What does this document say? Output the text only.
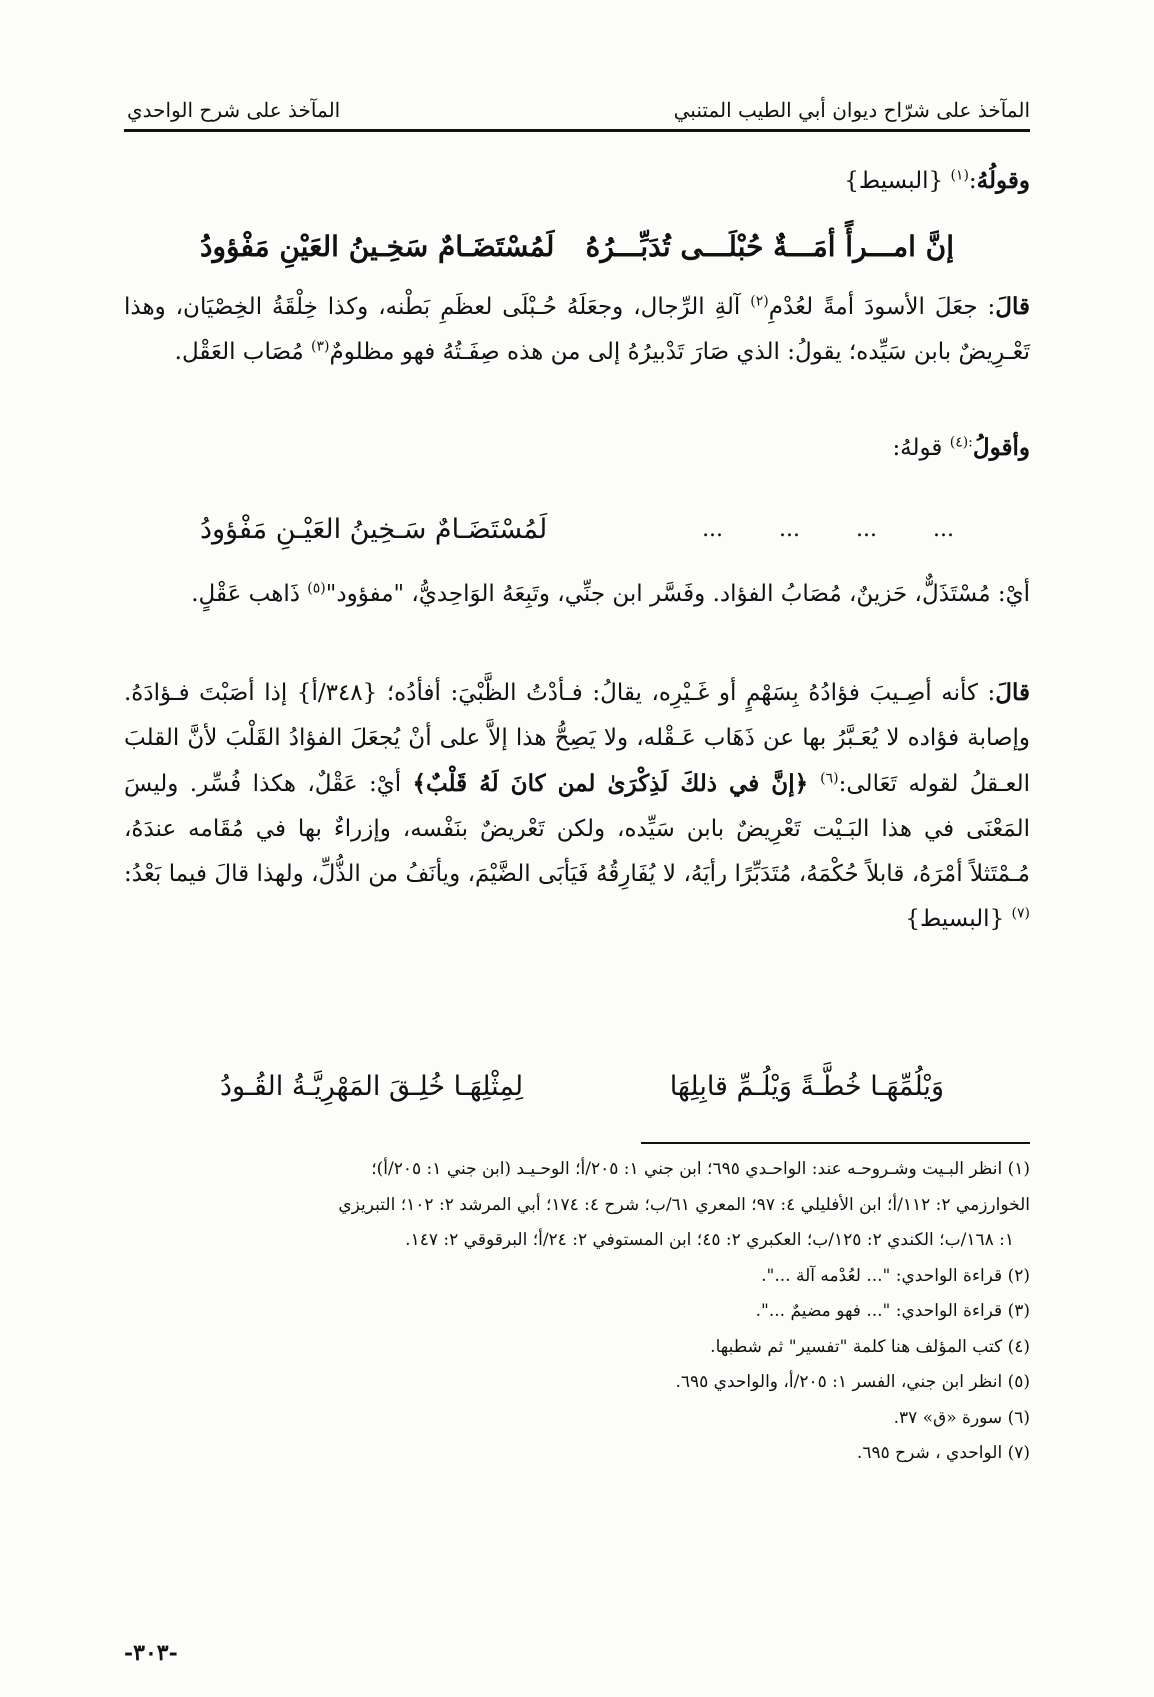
المآخذ على شرّاح ديوان أبي الطيب المتنبي
المآخذ على شرح الواحدي
وقولُهُ:$^{(١)}$ {البسيط}
إنَّ امـــرأً أمَـــةٌ حُبْلَـــى تُدَبِّـــرُهُ
لَمُسْتَضَـامٌ سَخِـينُ العَيْنِ مَفْؤودُ

قالَ: جعَلَ الأسودَ أمةً لعُدْمِ$^{(٢)}$ آلةِ الرِّجال، وجعَلَهُ حُـبْلَى لعظَمِ بَطْنه، وكذا خِلْقَةُ الخِصْيَان، وهذا تَعْـرِيضٌ بابن سَيِّده؛ يقولُ: الذي صَارَ تَدْبيرُهُ إلى من هذه صِفَـتُهُ فهو مظلومٌ$^{(٣)}$ مُصَاب العَقْل.

وأقولُ$^{:(٤)}$ قولهُ:
...
...
...
...
لَمُسْتَضَـامٌ سَـخِينُ العَيْـنِ مَفْؤودُ

أيْ: مُسْتَذَلٌّ، حَزينٌ، مُصَابُ الفؤاد. وفَسَّر ابن جنِّي، وتَبِعَهُ الوَاحِديُّ، "مفؤود"$^{(٥)}$ ذَاهب عَقْلٍ.

قالَ: كأنه أصِـيبَ فؤادُهُ بِسَهْمٍ أو غَـيْرِه، يقالُ: فـأدْتُ الظَّبْيَ: أفأدُه؛ {٣٤٨/أ} إذا أصَبْتَ فـؤادَهُ. وإصابة فؤاده لا يُعَـبَّرُ بها عن ذَهَاب عَـقْله، ولا يَصِحُّ هذا إلاَّ على أنْ يُجعَلَ الفؤادُ القَلْبَ لأنَّ القلبَ العـقلُ لقوله تَعَالى:$^{(٦)}$ ﴿إنَّ في ذلكَ لَذِكْرَىٰ لمن كانَ لَهُ قَلْبٌ﴾ أيْ: عَقْلٌ، هكذا فُسِّر. وليسَ المَعْنَى في هذا البَـيْت تَعْرِيضٌ بابن سَيِّده، ولكن تَعْريضٌ بنَفْسه، وإزراءٌ بها في مُقَامه عندَهُ، مُـمْتَثلاً أمْرَهُ، قابلاً حُكْمَهُ، مُتَدَبِّرًا رأيَهُ، لا يُفَارِقُهُ فَيَأبَى الضَّيْمَ، ويأنَفُ من الذُّلِّ، ولهذا قالَ فيما بَعْدُ:$^{(٧)}$ {البسيط}

وَيْلُمِّهَـا خُطَّـةً وَيْلُـمِّ قابِلِهَا
لِمِثْلِهَـا خُلِـقَ المَهْرِيَّـةُ القُـودُ

(١) انظر البـيت وشـروحـه عند: الواحـدي ٦٩٥؛ ابن جني ١: ٢٠٥/أ؛ الوحـيـد (ابن جني ١: ٢٠٥/أ)؛

الخوارزمي ٢: ١١٢/أ؛ ابن الأفليلي ٤: ٩٧؛ المعري ٦١/ب؛ شرح ٤: ١٧٤؛ أبي المرشد ٢: ١٠٢؛ التبريزي

١: ١٦٨/ب؛ الكندي ٢: ١٢٥/ب؛ العكبري ٢: ٤٥؛ ابن المستوفي ٢: ٢٤/أ؛ البرقوقي ٢: ١٤٧.

(٢) قراءة الواحدي: "... لعُدْمه آلة ...".

(٣) قراءة الواحدي: "... فهو مضيمٌ ...".

(٤) كتب المؤلف هنا كلمة "تفسير" ثم شطبها.

(٥) انظر ابن جني، الفسر ١: ٢٠٥/أ، والواحدي ٦٩٥.

(٦) سورة «ق» ٣٧.

(٧) الواحدي ، شرح ٦٩٥.

-٣٠٣-
